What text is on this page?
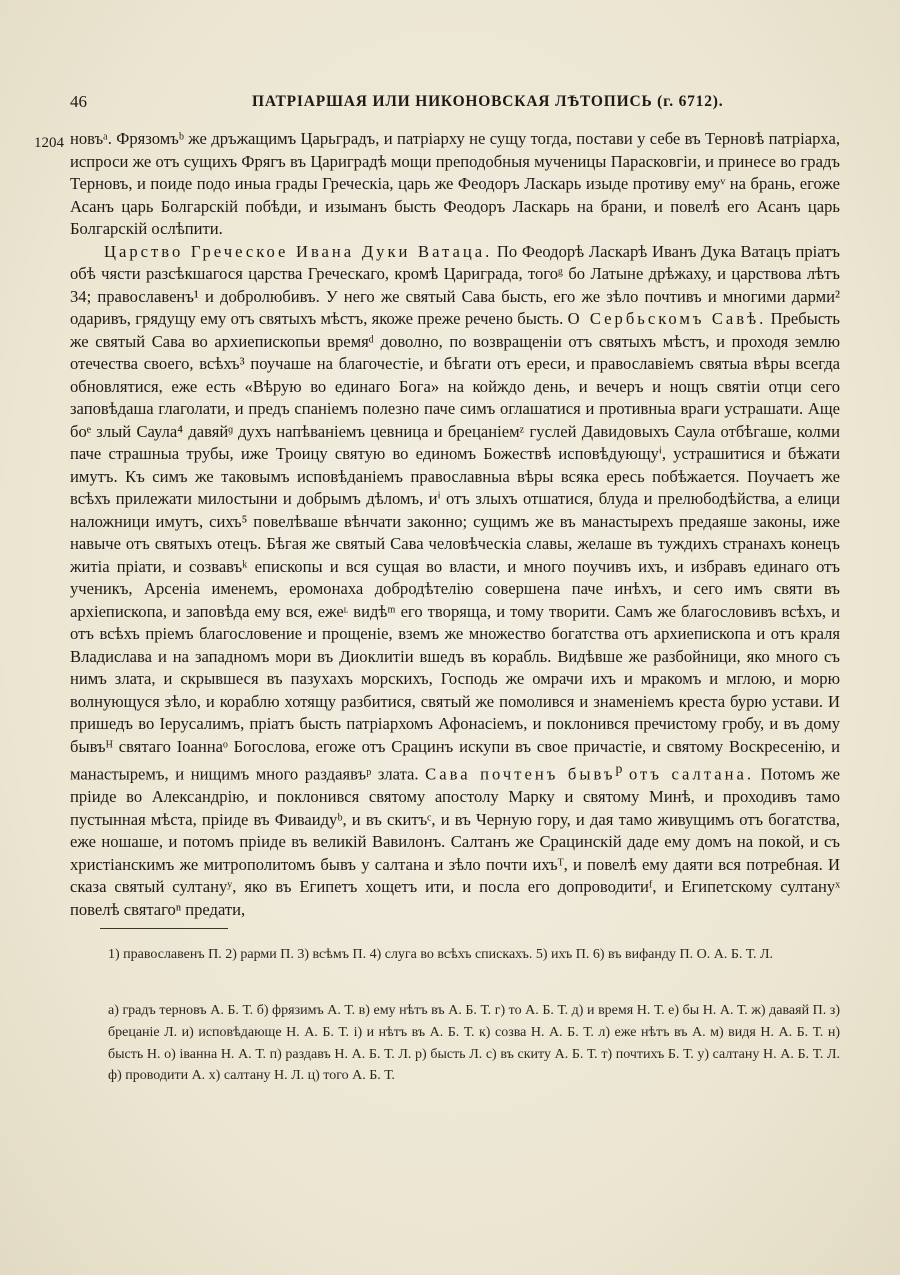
46	ПАТРІАРШАЯ ИЛИ НИКОНОВСКАЯ ЛѢТОПИСЬ (г. 6712).
1204 новъᵃ. Фрязомъᵇ же дръжащимъ Царьградъ, и патріарху не сущу тогда, постави у себе въ Терновѣ патріарха, испроси же отъ сущихъ Фрягъ въ Цариградѣ мощи преподобныя мученицы Парасковгіи, и принесе во градъ Терновъ, и поиде подо иныа грады Греческіа, царь же Феодоръ Ласкарь изыде противу емуᵛ на брань, егоже Асанъ царь Болгарскій побѣди, и изыманъ бысть Феодоръ Ласкарь на брани, и повелѣ его Асанъ царь Болгарскій ослѣпити.

Царство Греческое Ивана Дуки Ватаца. По Феодорѣ Ласкарѣ Иванъ Дука Ватацъ пріатъ обѣ чясти разсѣкшагося царства Греческаго, кромѣ Цариграда, тогоᵍ бо Латыне дрѣжаху, и царствова лѣтъ 34; православенъ¹ и добролюбивъ. У него же святый Сава бысть, его же зѣло почтивъ и многими дарми² одаривъ, грядущу ему отъ святыхъ мѣстъ, якоже преже речено бысть. О Сербьскомъ Савѣ. Пребысть же святый Сава во архиепископьи времяᵈ доволно, по возвращеніи отъ святыхъ мѣстъ, и проходя землю отечества своего, всѣхъ³ поучаше на благочестіе, и бѣгати отъ ереси, и православіемъ святыа вѣры всегда обновлятися, еже есть «Вѣрую во единаго Бога» на койждо день, и вечеръ и нощъ святіи отци сего заповѣдаша глаголати, и предъ спаніемъ полезно паче симъ оглашатися и противныа враги устрашати. Аще боᵉ злый Саула⁴ давяйᶢ духъ напѣваніемъ цевница и брецаніемᶻ гуслей Давидовыхъ Саула отбѣгаше, колми паче страшныа трубы, иже Троицу святую во единомъ Божествѣ исповѣдующуⁱ, устрашитися и бѣжати имутъ. Къ симъ же таковымъ исповѣданіемъ православныа вѣры всяка ересь побѣжается. Поучаетъ же всѣхъ прилежати милостыни и добрымъ дѣломъ, иⁱ отъ злыхъ отшатися, блуда и прелюбодѣйства, а елици наложници имутъ, сихъ⁵ повелѣваше вѣнчати законно; сущимъ же въ манастырехъ предаяше законы, иже навыче отъ святыхъ отецъ. Бѣгая же святый Сава человѣческіа славы, желаше въ туждихъ странахъ конецъ житіа пріати, и созвавъᵏ епископы и вся сущая во власти, и много поучивъ ихъ, и избравъ единаго отъ ученикъ, Арсеніа именемъ, еромонаха добродѣтелію совершена паче инѣхъ, и сего имъ святи въ архіепископа, и заповѣда ему вся, ежеᶫ видѣᵐ его творяща, и тому творити. Самъ же благословивъ всѣхъ, и отъ всѣхъ пріемъ благословение и прощеніе, вземъ же множество богатства отъ архиепископа и отъ краля Владислава и на западномъ мори въ Диоклитіи вшедъ въ корабль. Видѣвше же разбойници, яко много съ нимъ злата, и скрывшеся въ пазухахъ морскихъ, Господь же омрачи ихъ и мракомъ и мглою, и морю волнующуся зѣло, и кораблю хотящу разбитися, святый же помолився и знаменіемъ креста бурю устави. И пришедъ во Іерусалимъ, пріатъ бысть патріархомъ Афонасіемъ, и поклонився пречистому гробу, и въ дому бывъᴴ святаго Іоаннаᵒ Богослова, егоже отъ Срацинъ искупи въ свое причастіе, и святому Воскресенію, и манастыремъ, и нищимъ много раздаявъᵖ злата. Сава почтенъ бывъ$^р$ отъ салтана. Потомъ же пріиде во Александрію, и поклонився святому апостолу Марку и святому Минѣ, и проходивъ тамо пустынная мѣста, пріиде въ Фиваидуᵇ, и въ скитъᶜ, и въ Черную гору, и дая тамо живущимъ отъ богатства, еже ношаше, и потомъ пріиде въ великій Вавилонъ. Салтанъ же Срацинскій даде ему домъ на покой, и съ христіанскимъ же митрополитомъ бывъ у салтана и зѣло почти ихъᵀ, и повелѣ ему даяти вся потребная. И сказа святый султануʸ, яко въ Египетъ хощетъ ити, и посла его допроводитиᶠ, и Египетскому султануˣ повелѣ святагоⁿ предати,

1) православенъ П. 2) рарми П. 3) всѣмъ П. 4) слуга во всѣхъ спискахъ. 5) ихъ П. 6) въ вифанду П. О. А. Б. Т. Л.

а) градъ терновъ А. Б. Т. б) фрязимъ А. Т. в) ему нѣтъ въ А. Б. Т. г) то А. Б. Т. д) и время Н. Т. е) бы Н. А. Т. ж) даваяй П. з) брецаніе Л. и) исповѣдающе Н. А. Б. Т. і) и нѣтъ въ А. Б. Т. к) созва Н. А. Б. Т. л) еже нѣтъ въ А. м) видя Н. А. Б. Т. н) бысть Н. о) іванна Н. А. Т. п) раздавъ Н. А. Б. Т. Л. р) бысть Л. с) въ скиту А. Б. Т. т) почтихъ Б. Т. у) салтану Н. А. Б. Т. Л. ф) проводити А. х) салтану Н. Л. ц) того А. Б. Т.
